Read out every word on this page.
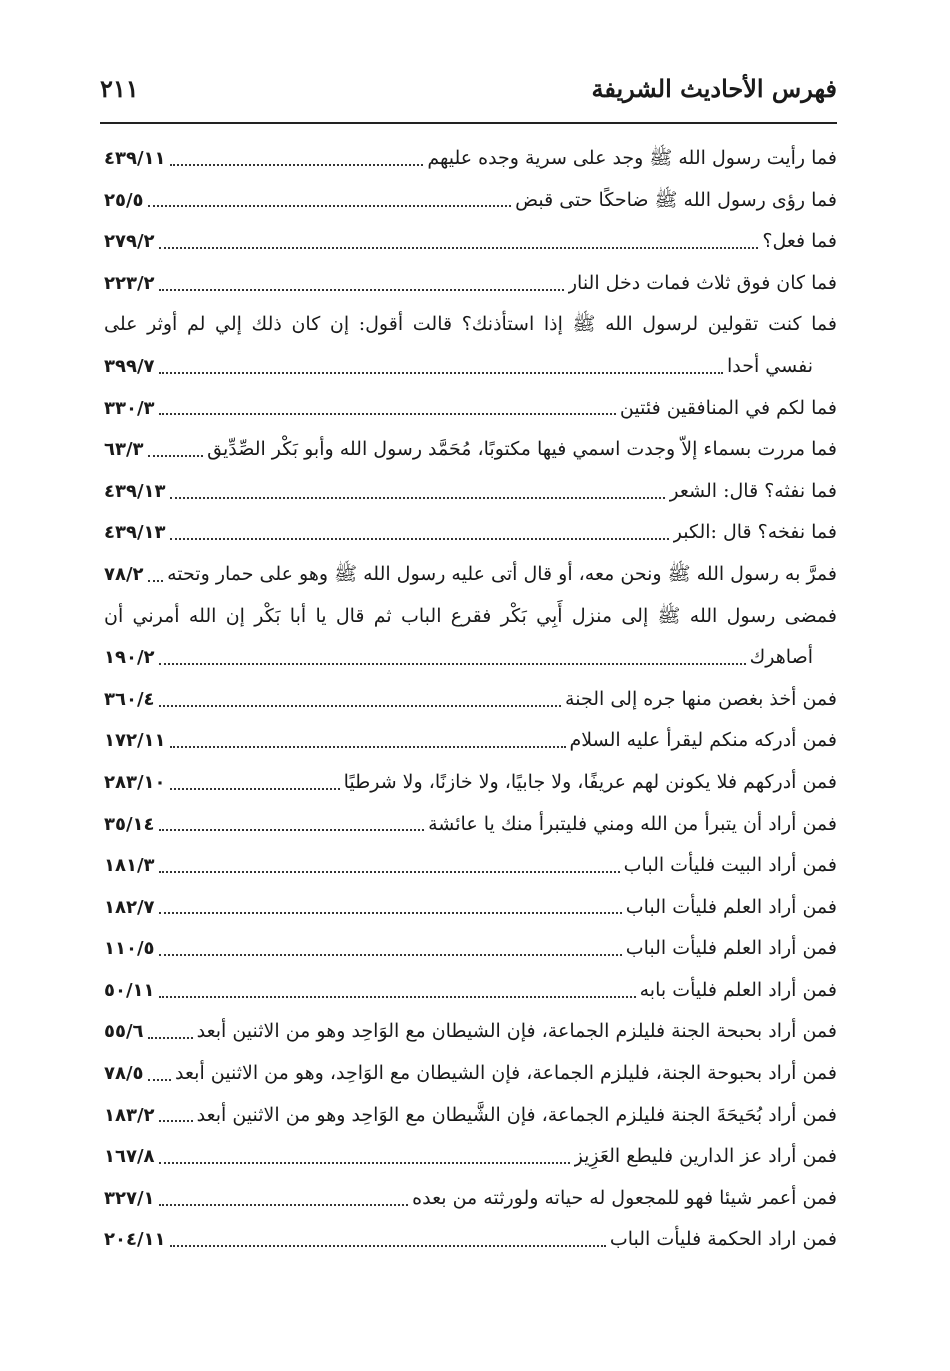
فهرس الأحاديث الشريفة
٢١١
فما رأيت رسول الله ﷺ وجد على سرية وجده عليهم
٤٣٩/١١
فما رؤى رسول الله ﷺ ضاحكًا حتى قبض
٢٥/٥
فما فعل؟
٢٧٩/٢
فما كان فوق ثلاث فمات دخل النار
٢٢٣/٢
فما كنت تقولين لرسول الله ﷺ إذا استأذنك؟ قالت أقول: إن كان ذلك إلي لم أوثر على
نفسي أحدا
٣٩٩/٧
فما لكم في المنافقين فئتين
٣٣٠/٣
فما مررت بسماء إلاّ وجدت اسمي فيها مكتوبًا، مُحَمَّد رسول الله وأبو بَكْر الصِّدِّيق
٦٣/٣
فما نفثه؟ قال: الشعر
٤٣٩/١٣
فما نفخه؟ قال :الكبر
٤٣٩/١٣
فمرَّ به رسول الله ﷺ ونحن معه، أو قال أتى عليه رسول الله ﷺ وهو على حمار وتحته
٧٨/٢
فمضى رسول الله ﷺ إلى منزل أَبِي بَكْر فقرع الباب ثم قال يا أبا بَكْر إن الله أمرني أن
أصاهرك
١٩٠/٢
فمن أخذ بغصن منها جره إلى الجنة
٣٦٠/٤
فمن أدركه منكم ليقرأ عليه السلام
١٧٢/١١
فمن أدركهم فلا يكونن لهم عريفًا، ولا جابيًا، ولا خازنًا، ولا شرطيًا
٢٨٣/١٠
فمن أراد أن يتبرأ من الله ومني فليتبرأ منك يا عائشة
٣٥/١٤
فمن أراد البيت فليأت الباب
١٨١/٣
فمن أراد العلم فليأت الباب
١٨٢/٧
فمن أراد العلم فليأت الباب
١١٠/٥
فمن أراد العلم فليأت بابه
٥٠/١١
فمن أراد بحبحة الجنة فليلزم الجماعة، فإن الشيطان مع الوَاحِد وهو من الاثنين أبعد
٥٥/٦
فمن أراد بحبوحة الجنة، فليلزم الجماعة، فإن الشيطان مع الوَاحِد، وهو من الاثنين أبعد
٧٨/٥
فمن أراد بُحَيحَةَ الجنة فليلزم الجماعة، فإن الشَّيطان مع الوَاحِد وهو من الاثنين أبعد
١٨٣/٢
فمن أراد عز الدارين فليطع العَزِيز
١٦٧/٨
فمن أعمر شيئا فهو للمجعول له حياته ولورثته من بعده
٣٢٧/١
فمن اراد الحكمة فليأت الباب
٢٠٤/١١
